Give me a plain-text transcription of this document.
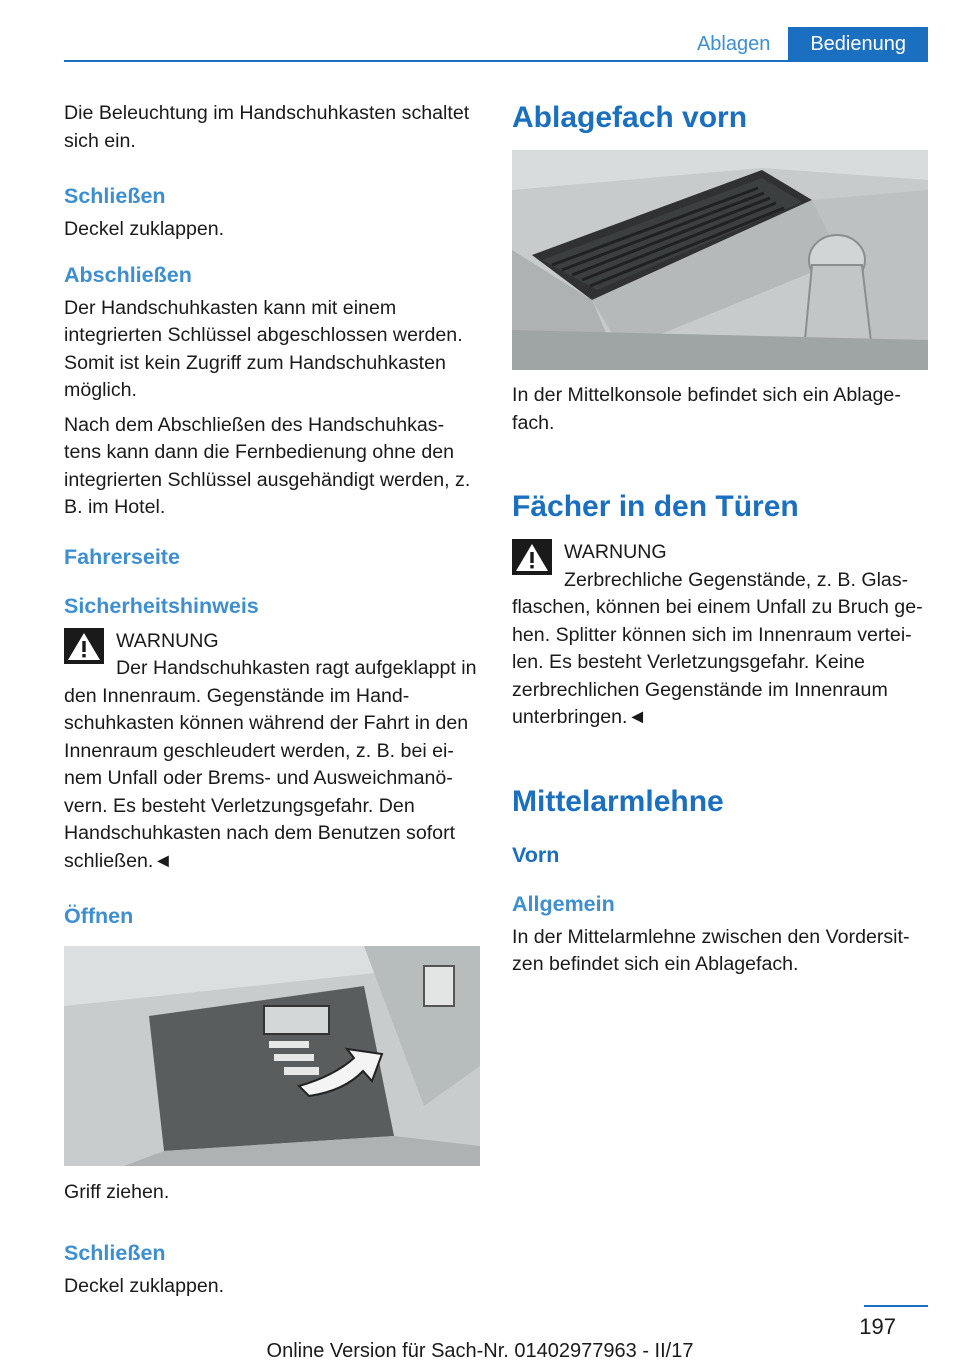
Ablagen	Bedienung

Die Beleuchtung im Handschuhkasten schaltet sich ein.

Schließen

Deckel zuklappen.

Abschließen

Der Handschuhkasten kann mit einem integrierten Schlüssel abgeschlossen werden. Somit ist kein Zugriff zum Handschuhkasten möglich.

Nach dem Abschließen des Handschuhkas-tens kann dann die Fernbedienung ohne den integrierten Schlüssel ausgehändigt werden, z. B. im Hotel.

Fahrerseite
Sicherheitshinweis

WARNUNG

Der Handschuhkasten ragt aufgeklappt in den Innenraum. Gegenstände im Hand-schuhkasten können während der Fahrt in den Innenraum geschleudert werden, z. B. bei ei-nem Unfall oder Brems- und Ausweichmanö-vern. Es besteht Verletzungsgefahr. Den Handschuhkasten nach dem Benutzen sofort schließen.◄

Öffnen

Griff ziehen.

Schließen

Deckel zuklappen.

Ablagefach vorn

In der Mittelkonsole befindet sich ein Ablage-fach.

Fächer in den Türen

WARNUNG

Zerbrechliche Gegenstände, z. B. Glas-flaschen, können bei einem Unfall zu Bruch ge-hen. Splitter können sich im Innenraum vertei-len. Es besteht Verletzungsgefahr. Keine zerbrechlichen Gegenstände im Innenraum unterbringen.◄

Mittelarmlehne
Vorn
Allgemein

In der Mittelarmlehne zwischen den Vordersit-zen befindet sich ein Ablagefach.

197
Online Version für Sach-Nr. 01402977963 - II/17
